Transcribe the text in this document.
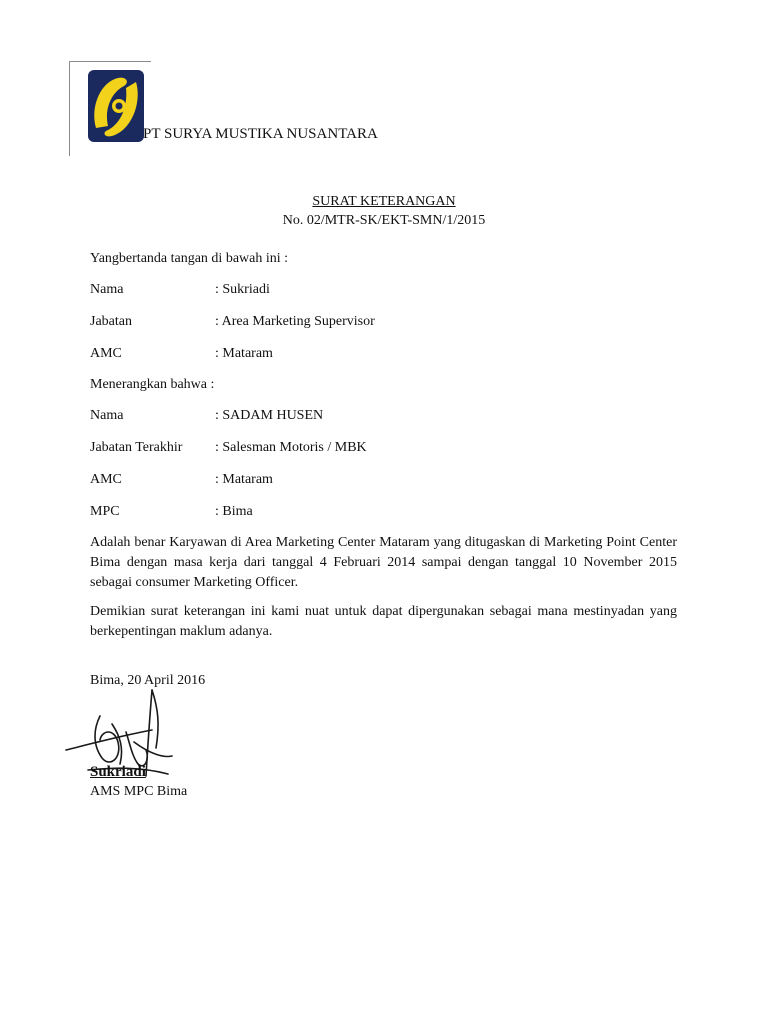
PT SURYA MUSTIKA NUSANTARA
SURAT KETERANGAN
No. 02/MTR-SK/EKT-SMN/1/2015
Yangbertanda tangan di bawah ini :
Nama	: Sukriadi
Jabatan	: Area Marketing Supervisor
AMC	: Mataram
Menerangkan bahwa :
Nama	: SADAM HUSEN
Jabatan Terakhir : Salesman Motoris / MBK
AMC	: Mataram
MPC	: Bima
Adalah benar Karyawan di Area Marketing Center Mataram yang ditugaskan di Marketing Point Center Bima dengan masa kerja dari tanggal 4 Februari 2014 sampai dengan tanggal 10 November 2015 sebagai consumer Marketing Officer.
Demikian surat keterangan ini kami nuat untuk dapat dipergunakan sebagai mana mestinyadan yang berkepentingan maklum adanya.
Bima, 20 April 2016
Sukriadi
AMS MPC Bima
